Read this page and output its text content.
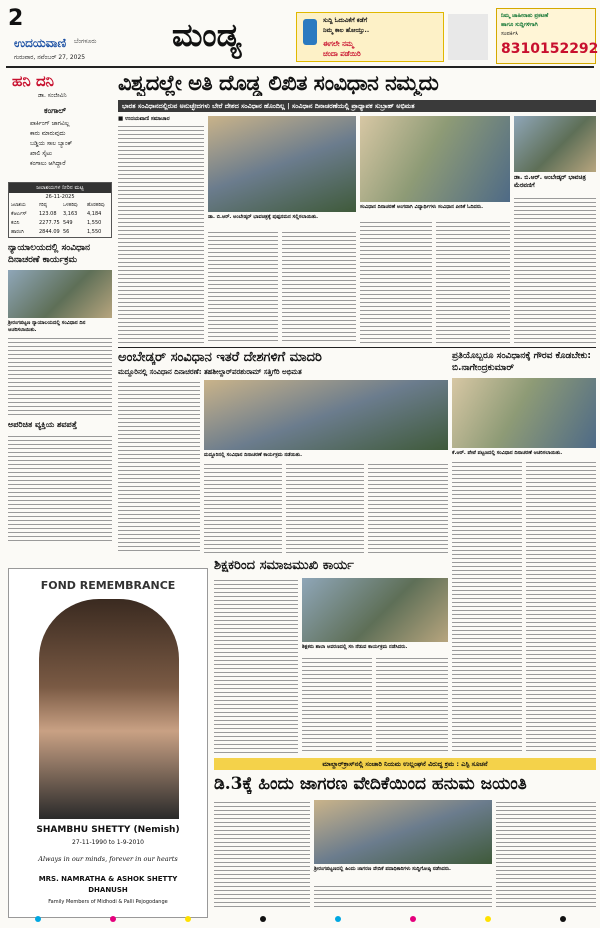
2
ಉದಯವಾಣಿ ಬೆಂಗಳೂರು
ಗುರುವಾರ, ನವೆಂಬರ್ 27, 2025
ಮಂಡ್ಯ	ಸುದ್ದಿ ಓದುವಿಕೆಗೆ ಕಡೆಗೆ
ನಿಮ್ಮ ಕಾಲ ಹೋಯ್ತು..
ಈಗಲೇ ನಮ್ಮ
ಚಂದಾ ಪಡೆಯಿರಿ
ನಿಮ್ಮ ಜಾಹೀರಾತು ಪ್ರಕಟಣೆ
ಹಾಗೂ ಸುದ್ದಿಗಳಿಗಾಗಿ
ಸಂಪರ್ಕಿಸಿ
8310152292
ಹನಿ ದನಿ
ಡಾ. ಸಂಜೀವಿನಿ
ಕಂಗಾಲ್
ಪಾರ್ಕಿಂಗ್ ಜಾಗವಿಲ್ಲ
ಕಾರು ಮಾರುವುದು
ಬಡ್ಡಿಯ ಸಾಲ ಬ್ಯಾಂಕ್
ಖಾಲಿ ಸೈಟು
ಕಂಗಾಲು ಆಗಿದ್ದಾರೆ
ಜಲಾಶಯಗಳ ನೀರಿನ ಮಟ್ಟ
26-11-2025
ಜಲಾಶಯ	ಗರಿಷ್ಠ	ಒಳಹರಿವು ಹೊರಹರಿವು
ಕೆಆರ್ಎಸ್ 123.08 3,163 4,184
ಕಬಿನಿ	2277.75 549	1,550
ಹಾರಂಗಿ	2844.09 56	1,550
ನ್ಯಾಯಾಲಯದಲ್ಲಿ ಸಂವಿಧಾನ ದಿನಾಚರಣೆ ಕಾರ್ಯಕ್ರಮ
ಶ್ರೀರಂಗಪಟ್ಟಣ ನ್ಯಾಯಾಲಯದಲ್ಲಿ ಸಂವಿಧಾನ ದಿನ ಆಚರಿಸಲಾಯಿತು.
ಅಪರಿಚಿತ ವ್ಯಕ್ತಿಯ ಶವಪತ್ತೆ
ವಿಶ್ವದಲ್ಲೇ ಅತಿ ದೊಡ್ಡ ಲಿಖಿತ ಸಂವಿಧಾನ ನಮ್ಮದು
ಭಾರತ ಸಂವಿಧಾನದಲ್ಲಿರುವ ಅನುಚ್ಛೇದಗಳು ಬೇರೆ ದೇಶದ ಸಂವಿಧಾನ ಹೊಂದಿಲ್ಲ | ಸಂವಿಧಾನ ದಿನಾಚರಣೆಯಲ್ಲಿ ಪ್ರಾಧ್ಯಾಪಕ ಸುಬ್ರಾಹ್ ಅಭಿಮತ
■ ಉದಯವಾಣಿ ಸಮಾಚಾರ
ಡಾ. ಬಿ.ಆರ್. ಅಂಬೇಡ್ಕರ್ ಭಾವಚಿತ್ರಕ್ಕೆ ಪುಷ್ಪನಮನ ಸಲ್ಲಿಸಲಾಯಿತು.
ಸಂವಿಧಾನ ದಿನಾಚರಣೆ ಅಂಗವಾಗಿ ವಿದ್ಯಾರ್ಥಿಗಳು ಸಂವಿಧಾನ ಪೀಠಿಕೆ ಓದಿದರು.
ಡಾ. ಬಿ.ಆರ್. ಅಂಬೇಡ್ಕರ್ ಭಾವಚಿತ್ರ ಮೆರವಣಿಗೆ
ಅಂಬೇಡ್ಕರ್ ಸಂವಿಧಾನ ಇತರೆ ದೇಶಗಳಿಗೆ ಮಾದರಿ
ಮದ್ದೂರಿನಲ್ಲಿ ಸಂವಿಧಾನ ದಿನಾಚರಣೆ: ತಹಶೀಲ್ದಾರ್‌ಪರಶುರಾಮ್ ಸತ್ತಿಗೆರಿ ಅಭಿಮತ
ಮದ್ದೂರಿನಲ್ಲಿ ಸಂವಿಧಾನ ದಿನಾಚರಣೆ ಕಾರ್ಯಕ್ರಮ ನಡೆಯಿತು.
ಪ್ರತಿಯೊಬ್ಬರೂ ಸಂವಿಧಾನಕ್ಕೆ ಗೌರವ ಕೊಡಬೇಕು: ಬಿ.ನಾಗೇಂದ್ರಕುಮಾರ್
ಕೆ.ಆರ್. ಪೇಟೆ ಪಟ್ಟಣದಲ್ಲಿ ಸಂವಿಧಾನ ದಿನಾಚರಣೆ ಆಚರಿಸಲಾಯಿತು.
FOND REMEMBRANCE
SHAMBHU SHETTY (Nemish)
27-11-1990 to 1-9-2010
Always in our minds, forever in our hearts
MRS. NAMRATHA & ASHOK SHETTY
DHANUSH
Family Members of Midhodi & Palli Pejogodange
ಶಿಕ್ಷಕರಿಂದ ಸಮಾಜಮುಖಿ ಕಾರ್ಯ
ಶಿಕ್ಷಕರು ಶಾಲಾ ಆವರಣದಲ್ಲಿ ಸಸಿ ನೆಡುವ ಕಾರ್ಯಕ್ರಮ ನಡೆಸಿದರು.
ಮಾಲ್ದಾರ್‌ಕ್ರಾಸ್‌ನಲ್ಲಿ ಸಂಚಾರಿ ನಿಯಮ ಉಲ್ಲಂಘನೆ ವಿರುದ್ಧ ಕ್ರಮ : ಎಸ್ಪಿ ಸೂಚನೆ
ಡಿ.3ಕ್ಕೆ ಹಿಂದು ಜಾಗರಣ ವೇದಿಕೆಯಿಂದ ಹನುಮ ಜಯಂತಿ
ಶ್ರೀರಂಗಪಟ್ಟಣದಲ್ಲಿ ಹಿಂದು ಜಾಗರಣ ವೇದಿಕೆ ಪದಾಧಿಕಾರಿಗಳು ಸುದ್ದಿಗೋಷ್ಠಿ ನಡೆಸಿದರು.
